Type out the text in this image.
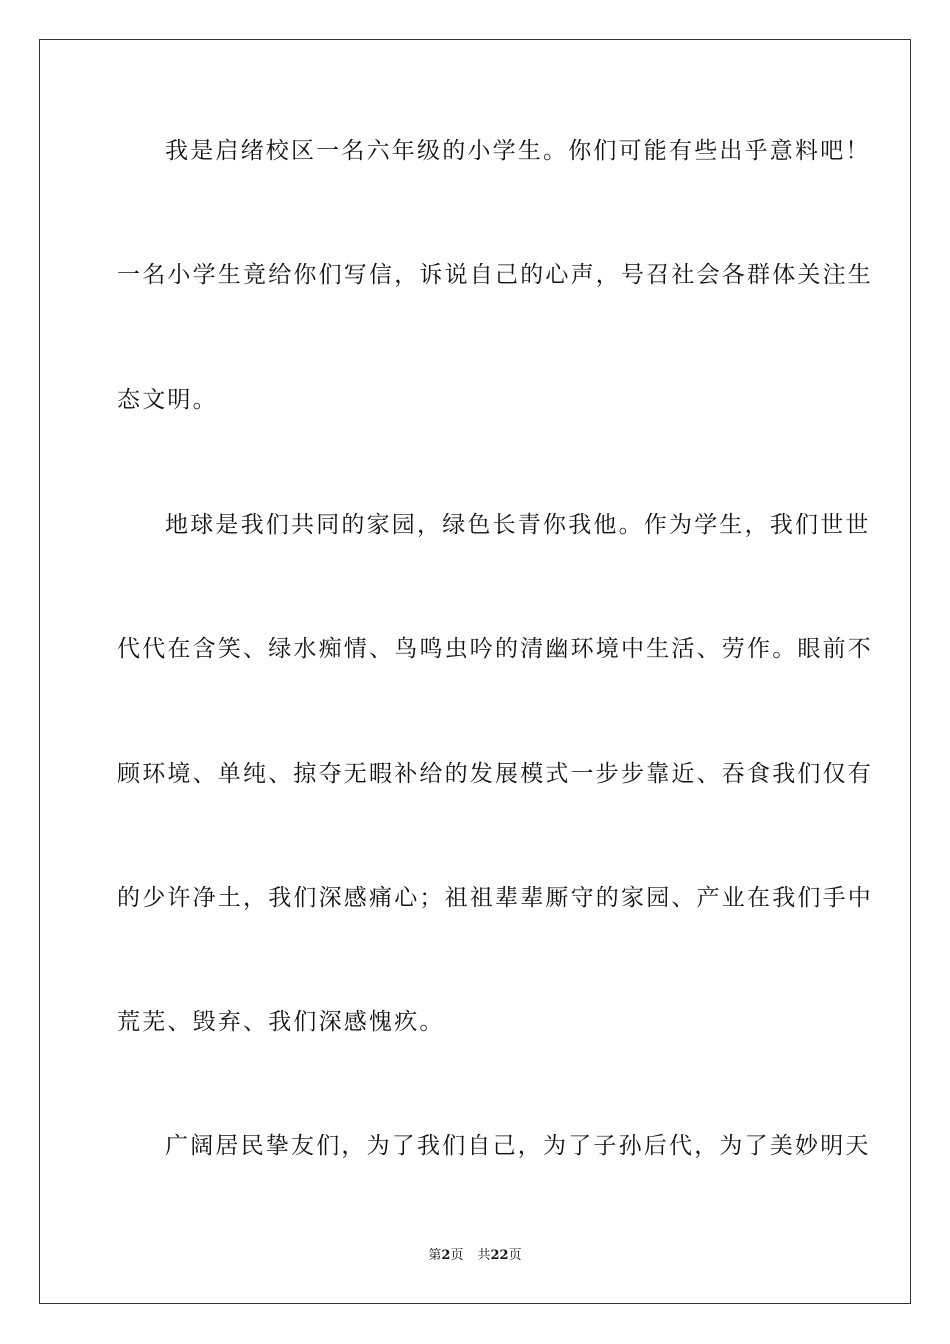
我是启绪校区一名六年级的小学生。你们可能有些出乎意料吧！
一名小学生竟给你们写信，诉说自己的心声，号召社会各群体关注生
态文明。
地球是我们共同的家园，绿色长青你我他。作为学生，我们世世
代代在含笑、绿水痴情、鸟鸣虫吟的清幽环境中生活、劳作。眼前不
顾环境、单纯、掠夺无暇补给的发展模式一步步靠近、吞食我们仅有
的少许净土，我们深感痛心；祖祖辈辈厮守的家园、产业在我们手中
荒芜、毁弃、我们深感愧疚。
广阔居民挚友们，为了我们自己，为了子孙后代，为了美妙明天
第2页 共22页
